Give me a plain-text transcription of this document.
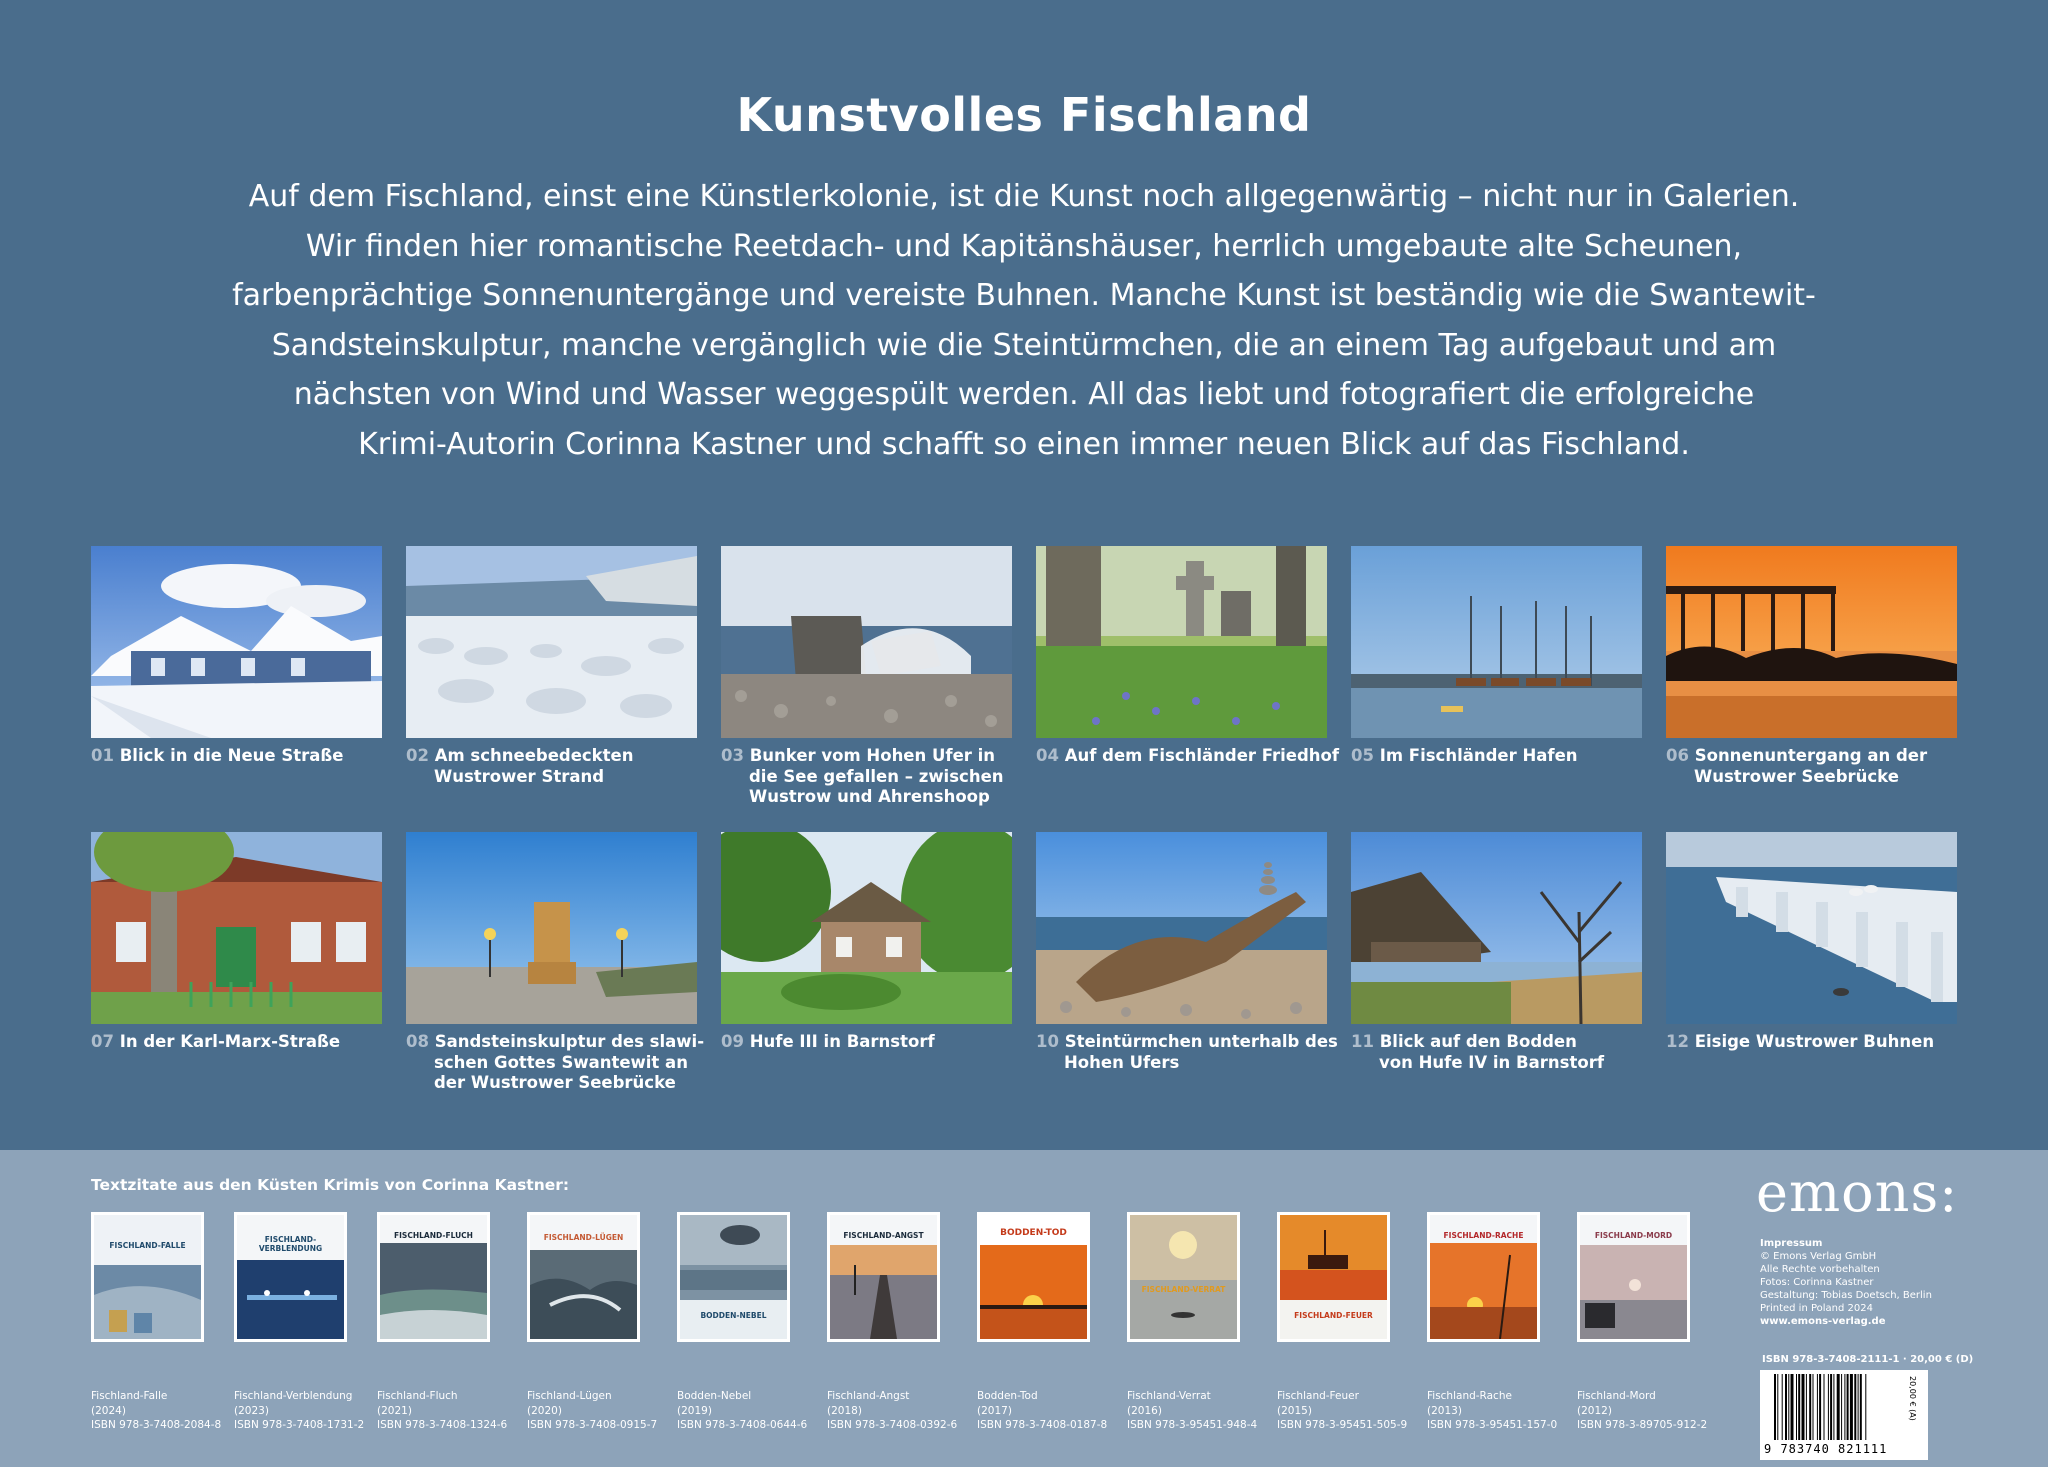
Kunstvolles Fischland
Auf dem Fischland, einst eine Künstlerkolonie, ist die Kunst noch allgegenwärtig – nicht nur in Galerien.
Wir finden hier romantische Reetdach- und Kapitänshäuser, herrlich umgebaute alte Scheunen,
farbenprächtige Sonnenuntergänge und vereiste Buhnen. Manche Kunst ist beständig wie die Swantewit-
Sandsteinskulptur, manche vergänglich wie die Steintürmchen, die an einem Tag aufgebaut und am
nächsten von Wind und Wasser weggespült werden. All das liebt und fotografiert die erfolgreiche
Krimi-Autorin Corinna Kastner und schafft so einen immer neuen Blick auf das Fischland.
01 Blick in die Neue Straße	02 Am schneebedeckten
Wustrower Strand
03 Bunker vom Hohen Ufer in
die See gefallen – zwischen
Wustrow und Ahrenshoop
04 Auf dem Fischländer Friedhof 05 Im Fischländer Hafen	06 Sonnenuntergang an der
Wustrower Seebrücke
07 In der Karl-Marx-Straße	08 Sandsteinskulptur des slawi-
schen Gottes Swantewit an
der Wustrower Seebrücke
09 Hufe III in Barnstorf	10 Steintürmchen unterhalb des
Hohen Ufers
11 Blick auf den Bodden
von Hufe IV in Barnstorf
12 Eisige Wustrower Buhnen
Textzitate aus den Küsten Krimis von Corinna Kastner:
FISCHLAND-FALLE
FISCHLAND-VERBLENDUNG
FISCHLAND-FLUCH	FISCHLAND-LÜGEN
BODDEN-NEBEL
FISCHLAND-ANGST	BODDEN-TOD
FISCHLAND-VERRAT
FISCHLAND-FEUER
FISCHLAND-RACHE	FISCHLAND-MORD
Fischland-Falle
(2024)
ISBN 978-3-7408-2084-8
Fischland-Verblendung
(2023)
ISBN 978-3-7408-1731-2
Fischland-Fluch
(2021)
ISBN 978-3-7408-1324-6
Fischland-Lügen
(2020)
ISBN 978-3-7408-0915-7
Bodden-Nebel
(2019)
ISBN 978-3-7408-0644-6
Fischland-Angst
(2018)
ISBN 978-3-7408-0392-6
Bodden-Tod
(2017)
ISBN 978-3-7408-0187-8
Fischland-Verrat
(2016)
ISBN 978-3-95451-948-4
Fischland-Feuer
(2015)
ISBN 978-3-95451-505-9
Fischland-Rache
(2013)
ISBN 978-3-95451-157-0
Fischland-Mord
(2012)
ISBN 978-3-89705-912-2
emons:
Impressum
© Emons Verlag GmbH
Alle Rechte vorbehalten
Fotos: Corinna Kastner
Gestaltung: Tobias Doetsch, Berlin
Printed in Poland 2024
www.emons-verlag.de
ISBN 978-3-7408-2111-1 · 20,00 € (D)
9 783740 821111
20,00 € (A)
